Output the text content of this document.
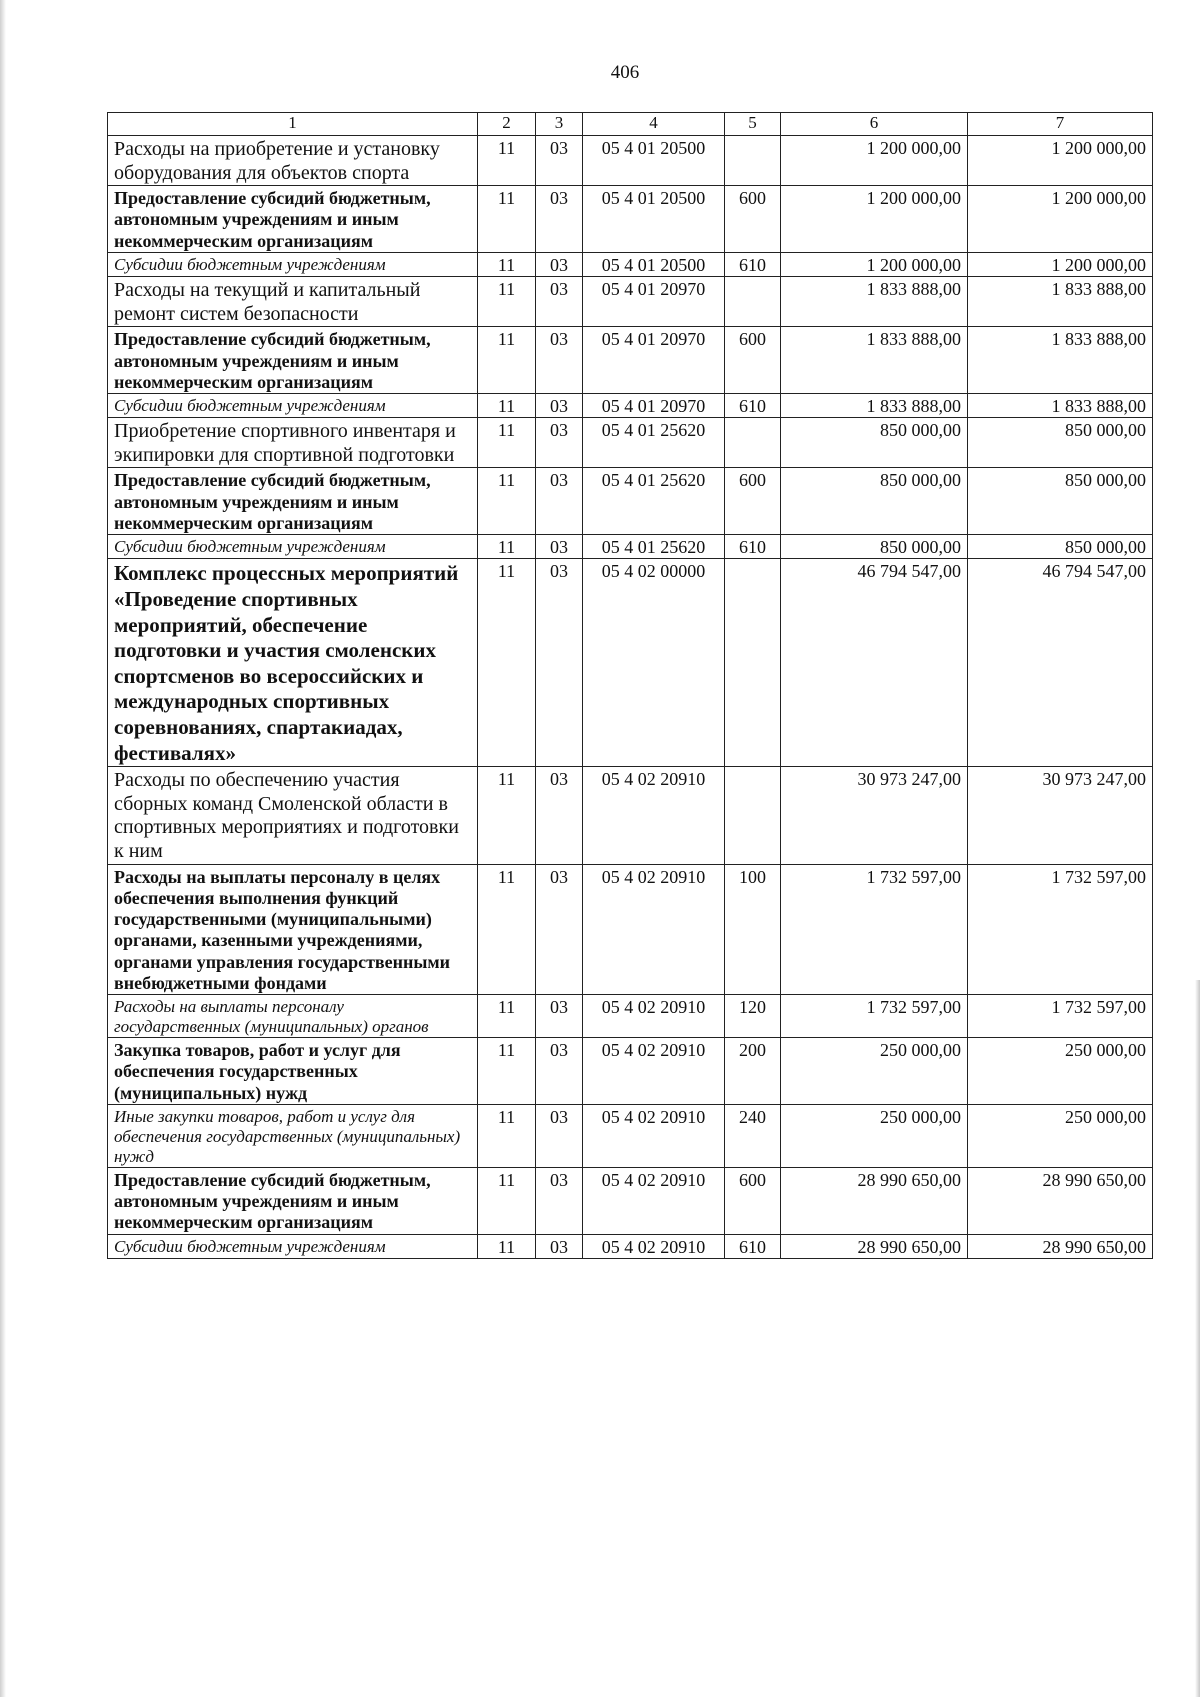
406
1	2	3	4	5	6	7
Расходы на приобретение и установку оборудования для объектов спорта	11	03	05 4 01 20500		1 200 000,00	1 200 000,00
Предоставление субсидий бюджетным, автономным учреждениям и иным некоммерческим организациям	11	03	05 4 01 20500	600	1 200 000,00	1 200 000,00
Субсидии бюджетным учреждениям	11	03	05 4 01 20500	610	1 200 000,00	1 200 000,00
Расходы на текущий и капитальный ремонт систем безопасности	11	03	05 4 01 20970		1 833 888,00	1 833 888,00
Предоставление субсидий бюджетным, автономным учреждениям и иным некоммерческим организациям	11	03	05 4 01 20970	600	1 833 888,00	1 833 888,00
Субсидии бюджетным учреждениям	11	03	05 4 01 20970	610	1 833 888,00	1 833 888,00
Приобретение спортивного инвентаря и экипировки для спортивной подготовки	11	03	05 4 01 25620		850 000,00	850 000,00
Предоставление субсидий бюджетным, автономным учреждениям и иным некоммерческим организациям	11	03	05 4 01 25620	600	850 000,00	850 000,00
Субсидии бюджетным учреждениям	11	03	05 4 01 25620	610	850 000,00	850 000,00
Комплекс процессных мероприятий «Проведение спортивных мероприятий, обеспечение подготовки и участия смоленских спортсменов во всероссийских и международных спортивных соревнованиях, спартакиадах, фестивалях»	11	03	05 4 02 00000		46 794 547,00	46 794 547,00
Расходы по обеспечению участия сборных команд Смоленской области в спортивных мероприятиях и подготовки к ним	11	03	05 4 02 20910		30 973 247,00	30 973 247,00
Расходы на выплаты персоналу в целях обеспечения выполнения функций государственными (муниципальными) органами, казенными учреждениями, органами управления государственными внебюджетными фондами	11	03	05 4 02 20910	100	1 732 597,00	1 732 597,00
Расходы на выплаты персоналу государственных (муниципальных) органов	11	03	05 4 02 20910	120	1 732 597,00	1 732 597,00
Закупка товаров, работ и услуг для обеспечения государственных (муниципальных) нужд	11	03	05 4 02 20910	200	250 000,00	250 000,00
Иные закупки товаров, работ и услуг для обеспечения государственных (муниципальных) нужд	11	03	05 4 02 20910	240	250 000,00	250 000,00
Предоставление субсидий бюджетным, автономным учреждениям и иным некоммерческим организациям	11	03	05 4 02 20910	600	28 990 650,00	28 990 650,00
Субсидии бюджетным учреждениям	11	03	05 4 02 20910	610	28 990 650,00	28 990 650,00
